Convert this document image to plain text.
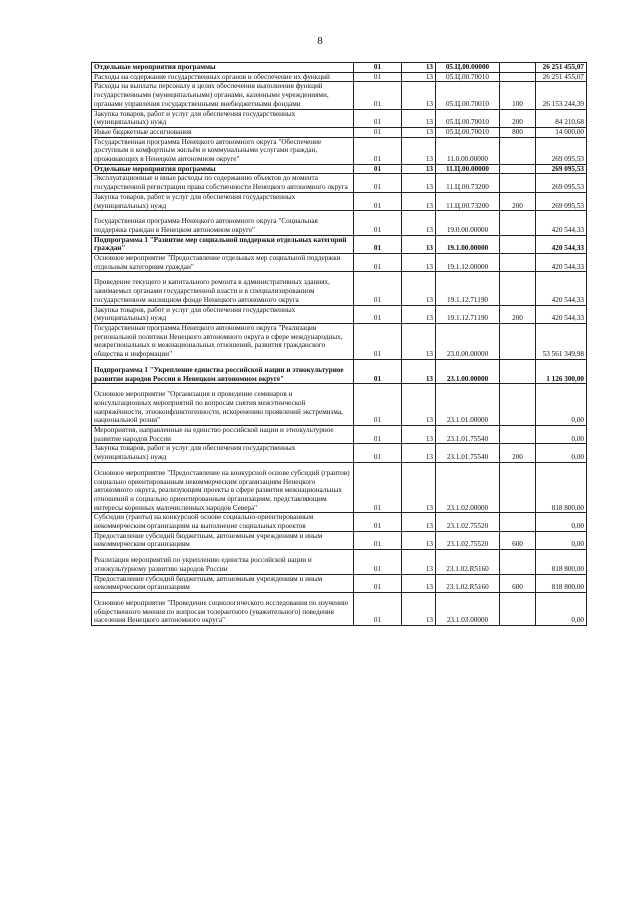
8
Отдельные мероприятия программы	01	13	05.Ц.00.00000		26 251 455,07
Расходы на содержание государственных органов и обеспечение их функций	01	13	05.Ц.00.70010		26 251 455,07
Расходы на выплаты персоналу в целях обеспечения выполнения функций государственными (муниципальными) органами, казенными учреждениями, органами управления государственными внебюджетными фондами	01	13	05.Ц.00.70010	100	26 153 244,39
Закупка товаров, работ и услуг для обеспечения государственных (муниципальных) нужд	01	13	05.Ц.00.70010	200	84 210,68
Иные бюджетные ассигнования	01	13	05.Ц.00.70010	800	14 000,00
Государственная программа Ненецкого автономного округа "Обеспечение доступным и комфортным жильём и коммунальными услугами граждан, проживающих в Ненецком автономном округе"	01	13	11.0.00.00000		269 095,53
Отдельные мероприятия программы	01	13	11.Ц.00.00000		269 095,53
Эксплуатационные и иные расходы по содержанию объектов до момента государственной регистрации права собственности Ненецкого автономного округа	01	13	11.Ц.00.73200		269 095,53
Закупка товаров, работ и услуг для обеспечения государственных (муниципальных) нужд	01	13	11.Ц.00.73200	200	269 095,53
Государственная программа Ненецкого автономного округа "Социальная поддержка граждан в Ненецком автономном округе"	01	13	19.0.00.00000		420 544,33
Подпрограмма 1 "Развитие мер социальной поддержки отдельных категорий граждан"	01	13	19.1.00.00000		420 544,33
Основное мероприятие "Предоставление отдельных мер социальной поддержки отдельным категориям граждан"	01	13	19.1.12.00000		420 544,33
Проведение текущего и капитального ремонта в административных зданиях, занимаемых органами государственной власти и в специализированном государственном жилищном фонде Ненецкого автономного округа	01	13	19.1.12.71190		420 544,33
Закупка товаров, работ и услуг для обеспечения государственных (муниципальных) нужд	01	13	19.1.12.71190	200	420 544,33
Государственная программа Ненецкого автономного округа "Реализация региональной политики Ненецкого автономного округа в сфере международных, межрегиональных и межнациональных отношений, развития гражданского общества и информации"	01	13	23.0.00.00000		53 561 349,98
Подпрограмма 1 "Укрепление единства российской нации и этнокультурное развитие народов России в Ненецком автономном округе"	01	13	23.1.00.00000		1 126 300,00
Основное мероприятие "Организация и проведение семинаров и консультационных мероприятий по вопросам снятия межэтнической напряжённости, этноконфликтогенности, искоренению проявлений экстремизма, национальной розни"	01	13	23.1.01.00000		0,00
Мероприятия, направленные на единство российской нации и этнокультурное развитие народов России	01	13	23.1.01.75540		0,00
Закупка товаров, работ и услуг для обеспечения государственных (муниципальных) нужд	01	13	23.1.01.75540	200	0,00
Основное мероприятие "Предоставление на конкурсной основе субсидий (грантов) социально ориентированным некоммерческим организациям Ненецкого автономного округа, реализующим проекты в сфере развития межнациональных отношений и социально ориентированным организациям, представляющим интересы коренных малочисленных народов Севера"	01	13	23.1.02.00000		818 800,00
Субсидии (гранты) на конкурсной основе социально-ориентированным некоммерческим организациям на выполнение социальных проектов	01	13	23.1.02.75520		0,00
Предоставление субсидий бюджетным, автономным учреждениям и иным некоммерческим организациям	01	13	23.1.02.75520	600	0,00
Реализация мероприятий по укреплению единства российской нации и этнокультурному развитию народов России	01	13	23.1.02.R5160		818 800,00
Предоставление субсидий бюджетным, автономным учреждениям и иным некоммерческим организациям	01	13	23.1.02.R5160	600	818 800,00
Основное мероприятие "Проведение социологического исследования по изучению общественного мнения по вопросам толерантного (уважительного) поведения населения Ненецкого автономного округа"	01	13	23.1.03.00000		0,00
